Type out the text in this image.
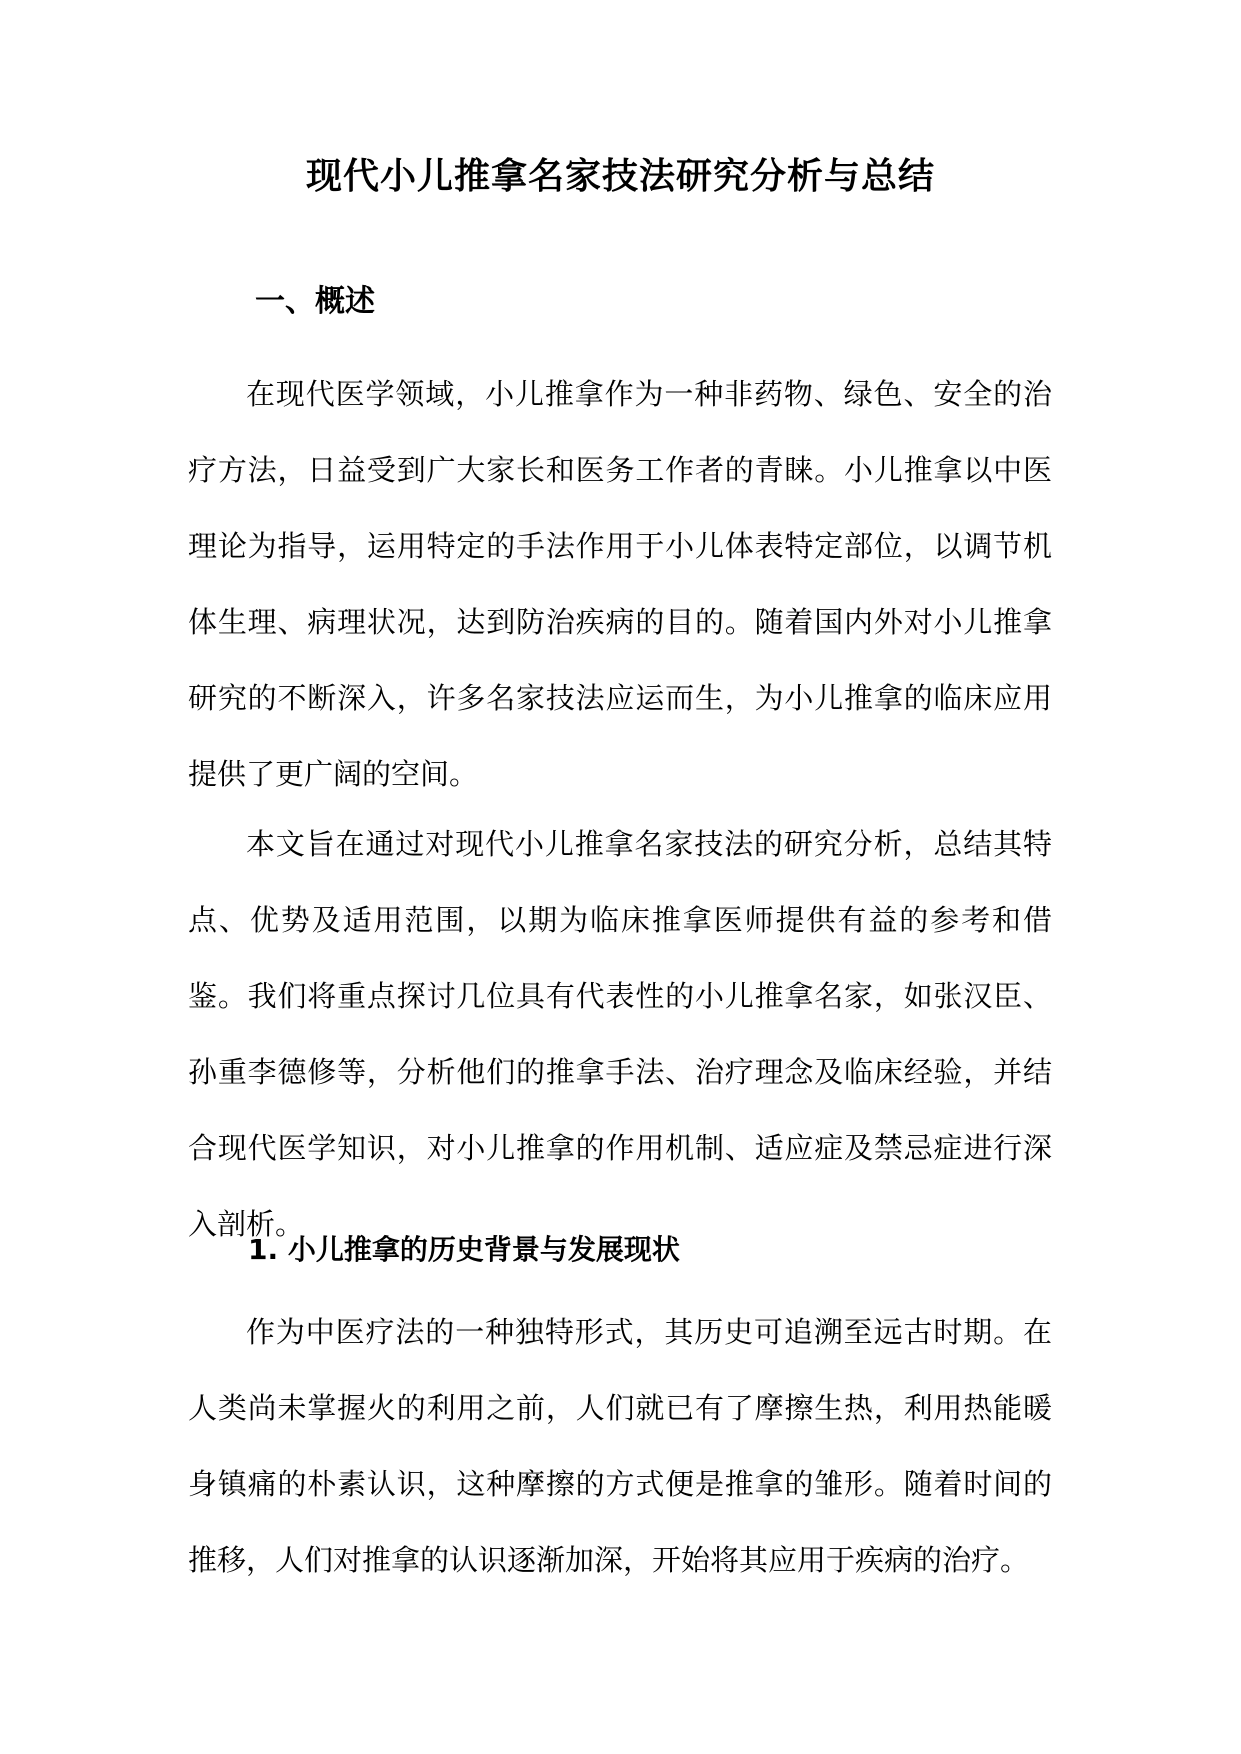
现代小儿推拿名家技法研究分析与总结
一、概述

在现代医学领域，小儿推拿作为一种非药物、绿色、安全的治疗方法，日益受到广大家长和医务工作者的青睐。小儿推拿以中医理论为指导，运用特定的手法作用于小儿体表特定部位，以调节机体生理、病理状况，达到防治疾病的目的。随着国内外对小儿推拿研究的不断深入，许多名家技法应运而生，为小儿推拿的临床应用提供了更广阔的空间。

本文旨在通过对现代小儿推拿名家技法的研究分析，总结其特点、优势及适用范围，以期为临床推拿医师提供有益的参考和借鉴。我们将重点探讨几位具有代表性的小儿推拿名家，如张汉臣、孙重李德修等，分析他们的推拿手法、治疗理念及临床经验，并结合现代医学知识，对小儿推拿的作用机制、适应症及禁忌症进行深入剖析。

1. 小儿推拿的历史背景与发展现状

作为中医疗法的一种独特形式，其历史可追溯至远古时期。在人类尚未掌握火的利用之前，人们就已有了摩擦生热，利用热能暖身镇痛的朴素认识，这种摩擦的方式便是推拿的雏形。随着时间的推移，人们对推拿的认识逐渐加深，开始将其应用于疾病的治疗。
